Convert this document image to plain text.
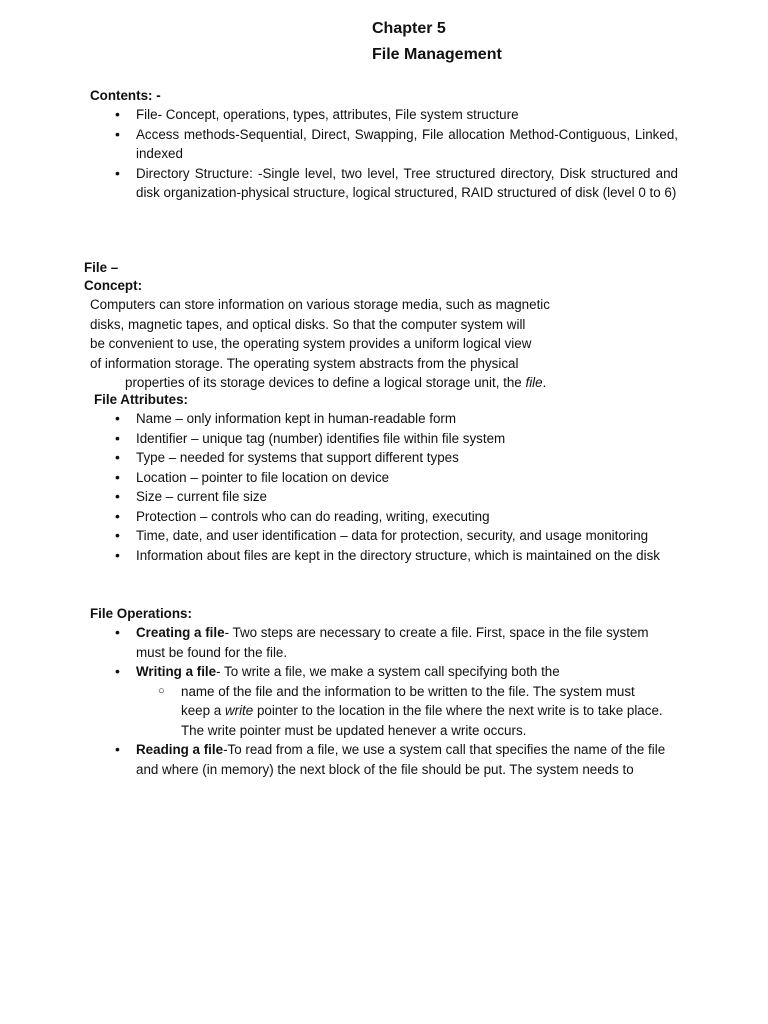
Chapter 5
File Management
Contents: -
• File- Concept, operations, types, attributes, File system structure
• Access methods-Sequential, Direct, Swapping, File allocation Method-Contiguous, Linked, indexed
• Directory Structure: -Single level, two level, Tree structured directory, Disk structured and disk organization-physical structure, logical structured, RAID structured of disk (level 0 to 6)
File –
Concept:
Computers can store information on various storage media, such as magnetic
disks, magnetic tapes, and optical disks. So that the computer system will
be convenient to use, the operating system provides a uniform logical view
of information storage. The operating system abstracts from the physical
properties of its storage devices to define a logical storage unit, the file.
File Attributes:
• Name – only information kept in human-readable form
• Identifier – unique tag (number) identifies file within file system
• Type – needed for systems that support different types
• Location – pointer to file location on device
• Size – current file size
• Protection – controls who can do reading, writing, executing
• Time, date, and user identification – data for protection, security, and usage monitoring
• Information about files are kept in the directory structure, which is maintained on the disk
File Operations:
• Creating a file- Two steps are necessary to create a file. First, space in the file system must be found for the file.
• Writing a file- To write a file, we make a system call specifying both the
○ name of the file and the information to be written to the file. The system must keep a write pointer to the location in the file where the next write is to take place. The write pointer must be updated henever a write occurs.
• Reading a file-To read from a file, we use a system call that specifies the name of the file and where (in memory) the next block of the file should be put. The system needs to
